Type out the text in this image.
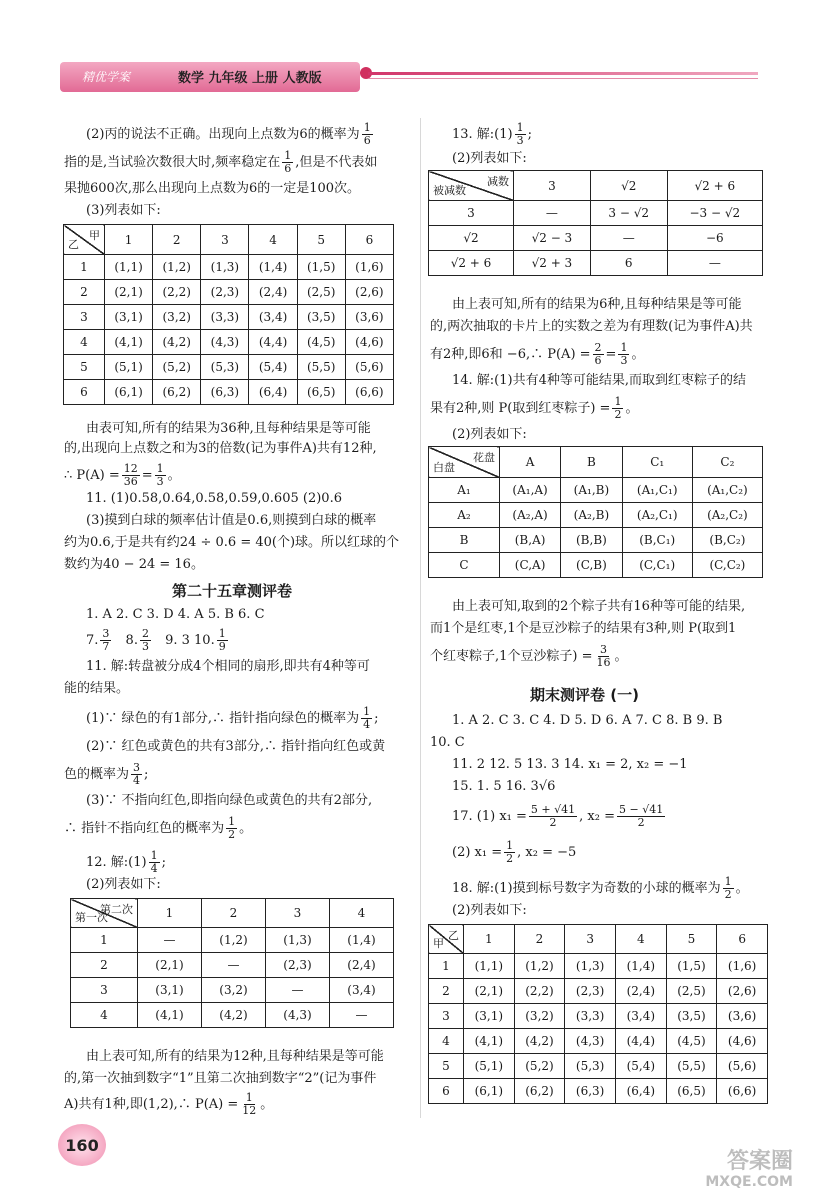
精优学案	数学 九年级 上册 人教版
(2)丙的说法不正确。出现向上点数为6的概率为 $\frac{1}{6}$
指的是,当试验次数很大时,频率稳定在 $\frac{1}{6}$ ,但是不代表如
果抛600次,那么出现向上点数为6的一定是100次。
(3)列表如下:
甲
乙	1	2	3	4	5	6
1	(1,1)	(1,2)	(1,3)	(1,4)	(1,5)	(1,6)
2	(2,1)	(2,2)	(2,3)	(2,4)	(2,5)	(2,6)
3	(3,1)	(3,2)	(3,3)	(3,4)	(3,5)	(3,6)
4	(4,1)	(4,2)	(4,3)	(4,4)	(4,5)	(4,6)
5	(5,1)	(5,2)	(5,3)	(5,4)	(5,5)	(5,6)
6	(6,1)	(6,2)	(6,3)	(6,4)	(6,5)	(6,6)
由表可知,所有的结果为36种,且每种结果是等可能
的,出现向上点数之和为3的倍数(记为事件A)共有12种,
∴ $P(A) = \frac{12}{36} = \frac{1}{3}$ 。
11. (1)0.58,0.64,0.58,0.59,0.605 (2)0.6
(3)摸到白球的频率估计值是0.6,则摸到白球的概率
约为0.6,于是共有约24 ÷ 0.6 = 40(个)球。所以红球的个
数约为40 − 24 = 16。
第二十五章测评卷
1. A 2. C 3. D 4. A 5. B 6. C
7. $\frac{3}{7} 8$. $\frac{2}{3} 9$. 3 10. $\frac{1}{9}$
11. 解:转盘被分成4个相同的扇形,即共有4种等可
能的结果。
(1)∵ 绿色的有1部分,∴ 指针指向绿色的概率为 $\frac{1}{4}$ ;
(2)∵ 红色或黄色的共有3部分,∴ 指针指向红色或黄
色的概率为 $\frac{3}{4}$ ;
(3)∵ 不指向红色,即指向绿色或黄色的共有2部分,
∴ 指针不指向红色的概率为 $\frac{1}{2}$ 。
12. 解:(1) $\frac{1}{4}$ ;
(2)列表如下:
第二次
第一次	1	2	3	4
1	—	(1,2)	(1,3)	(1,4)
2	(2,1)	—	(2,3)	(2,4)
3	(3,1)	(3,2)	—	(3,4)
4	(4,1)	(4,2)	(4,3)	—
由上表可知,所有的结果为12种,且每种结果是等可能
的,第一次抽到数字“1”且第二次抽到数字“2”(记为事件
A)共有1种,即(1,2),∴ $P(A) = \frac{1}{12}$ 。
13. 解:(1) $\frac{1}{3}$ ;
(2)列表如下:
减数
被减数	3	√2	√2 + 6
3	—	3 − √2	−3 − √2
√2	√2 − 3	—	−6
√2 + 6	√2 + 3	6	—
由上表可知,所有的结果为6种,且每种结果是等可能
的,两次抽取的卡片上的实数之差为有理数(记为事件A)共
有2种,即6和 −6,∴ $P(A) = \frac{2}{6} = \frac{1}{3}$ 。
14. 解:(1)共有4种等可能结果,而取到红枣粽子的结
果有2种,则 P(取到红枣粽子) = $\frac{1}{2}$ 。
(2)列表如下:
花盘
白盘	A	B	C₁	C₂
A₁	(A₁,A)	(A₁,B)	(A₁,C₁)	(A₁,C₂)
A₂	(A₂,A)	(A₂,B)	(A₂,C₁)	(A₂,C₂)
B	(B,A)	(B,B)	(B,C₁)	(B,C₂)
C	(C,A)	(C,B)	(C,C₁)	(C,C₂)
由上表可知,取到的2个粽子共有16种等可能的结果,
而1个是红枣,1个是豆沙粽子的结果有3种,则 P(取到1
个红枣粽子,1个豆沙粽子) = $\frac{3}{16}$ 。
期末测评卷 (一)
1. A 2. C 3. C 4. D 5. D 6. A 7. C 8. B 9. B
10. C
11. 2 12. 5 13. 3 14. x₁ = 2, x₂ = −1
15. 1. 5 16. 3√6
17. (1) $x_1 = \frac{5 + √41}{2}$ , $x_2 = \frac{5 - √41}{2}$
(2) $x_1 = \frac{1}{2}$ , x₂ = −5
18. 解:(1)摸到标号数字为奇数的小球的概率为 $\frac{1}{2}$ 。
(2)列表如下:
乙
甲	1	2	3	4	5	6
1	(1,1)	(1,2)	(1,3)	(1,4)	(1,5)	(1,6)
2	(2,1)	(2,2)	(2,3)	(2,4)	(2,5)	(2,6)
3	(3,1)	(3,2)	(3,3)	(3,4)	(3,5)	(3,6)
4	(4,1)	(4,2)	(4,3)	(4,4)	(4,5)	(4,6)
5	(5,1)	(5,2)	(5,3)	(5,4)	(5,5)	(5,6)
6	(6,1)	(6,2)	(6,3)	(6,4)	(6,5)	(6,6)
160
答案圈
MXQE.COM
